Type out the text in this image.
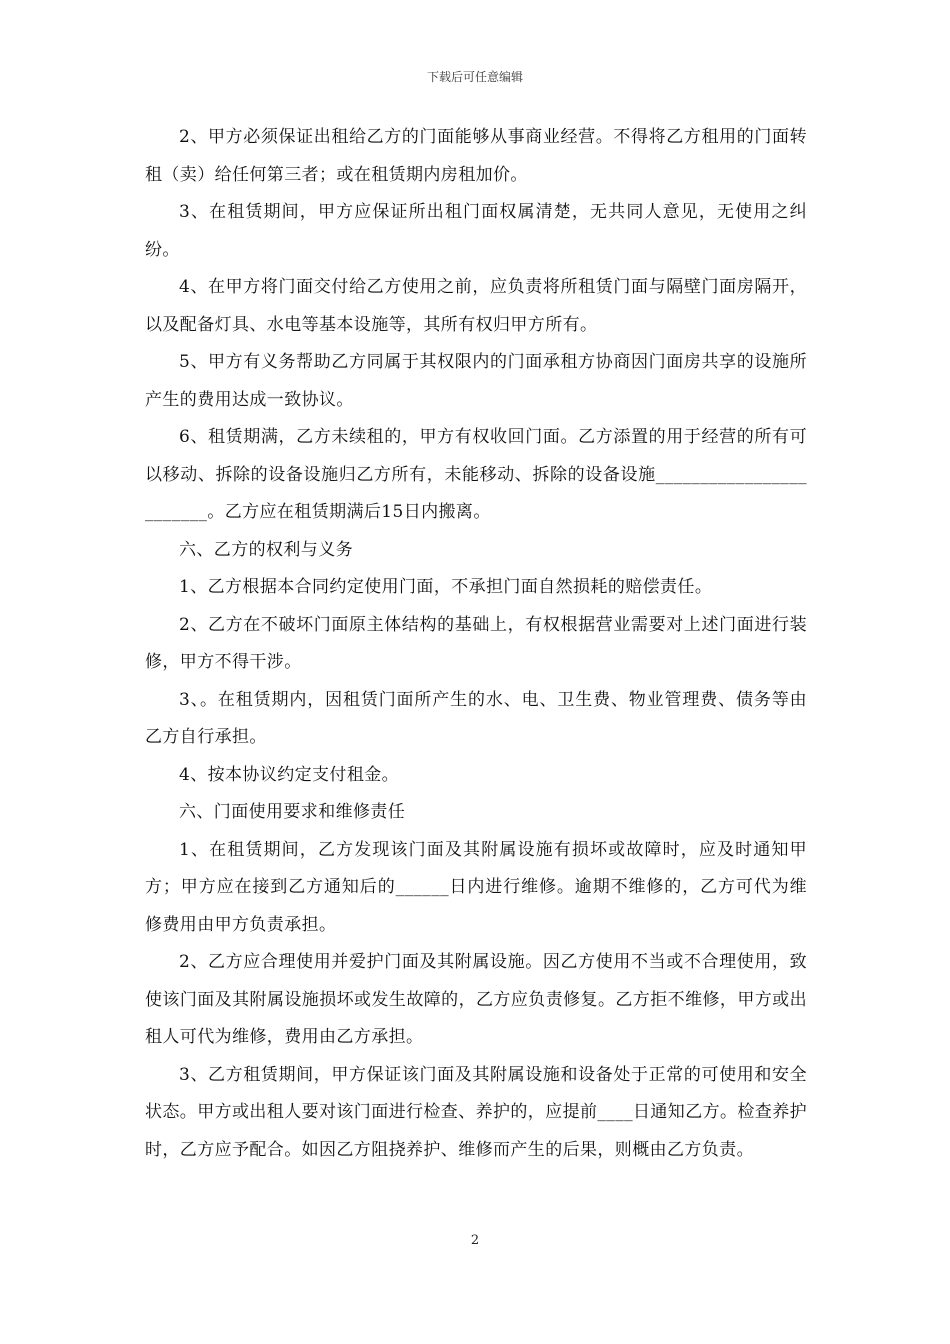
下载后可任意编辑

2、甲方必须保证出租给乙方的门面能够从事商业经营。不得将乙方租用的门面转租（卖）给任何第三者；或在租赁期内房租加价。

3、在租赁期间，甲方应保证所出租门面权属清楚，无共同人意见，无使用之纠纷。

4、在甲方将门面交付给乙方使用之前，应负责将所租赁门面与隔壁门面房隔开，以及配备灯具、水电等基本设施等，其所有权归甲方所有。

5、甲方有义务帮助乙方同属于其权限内的门面承租方协商因门面房共享的设施所产生的费用达成一致协议。

6、租赁期满，乙方未续租的，甲方有权收回门面。乙方添置的用于经营的所有可以移动、拆除的设备设施归乙方所有，未能移动、拆除的设备设施________________________。乙方应在租赁期满后15日内搬离。

六、乙方的权利与义务

1、乙方根据本合同约定使用门面，不承担门面自然损耗的赔偿责任。

2、乙方在不破坏门面原主体结构的基础上，有权根据营业需要对上述门面进行装修，甲方不得干涉。

3、。在租赁期内，因租赁门面所产生的水、电、卫生费、物业管理费、债务等由乙方自行承担。

4、按本协议约定支付租金。

六、门面使用要求和维修责任

1、在租赁期间，乙方发现该门面及其附属设施有损坏或故障时，应及时通知甲方；甲方应在接到乙方通知后的______日内进行维修。逾期不维修的，乙方可代为维修费用由甲方负责承担。

2、乙方应合理使用并爱护门面及其附属设施。因乙方使用不当或不合理使用，致使该门面及其附属设施损坏或发生故障的，乙方应负责修复。乙方拒不维修，甲方或出租人可代为维修，费用由乙方承担。

3、乙方租赁期间，甲方保证该门面及其附属设施和设备处于正常的可使用和安全状态。甲方或出租人要对该门面进行检查、养护的，应提前____日通知乙方。检查养护时，乙方应予配合。如因乙方阻挠养护、维修而产生的后果，则概由乙方负责。

2
